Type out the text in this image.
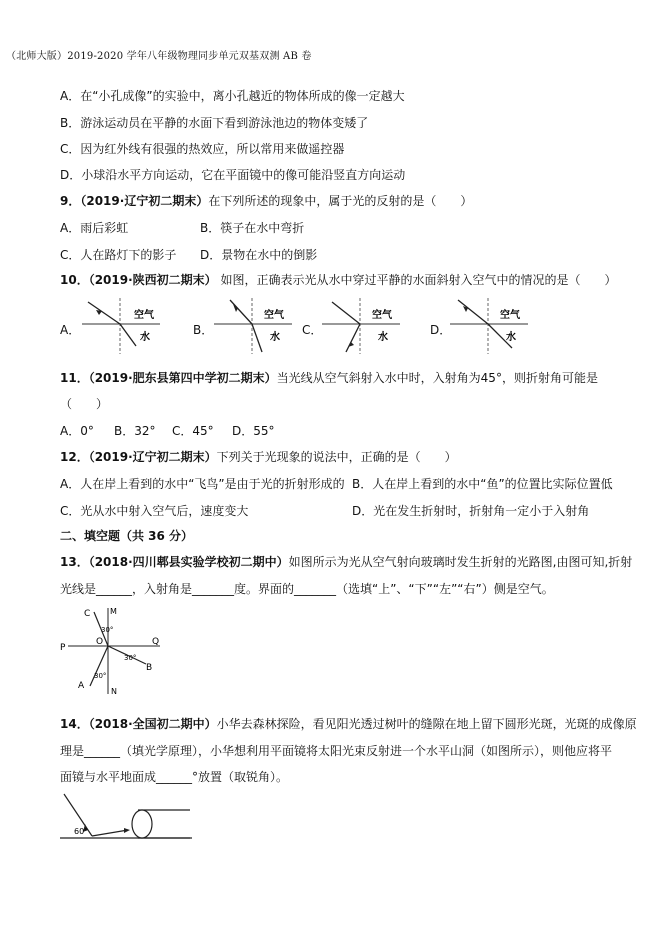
（北师大版）2019-2020 学年八年级物理同步单元双基双测 AB 卷
A．在“小孔成像”的实验中，离小孔越近的物体所成的像一定越大
B．游泳运动员在平静的水面下看到游泳池边的物体变矮了
C．因为红外线有很强的热效应，所以常用来做遥控器
D．小球沿水平方向运动，它在平面镜中的像可能沿竖直方向运动
9．（2019·辽宁初二期末）在下列所述的现象中，属于光的反射的是（　　）
A．雨后彩虹	B．筷子在水中弯折
C．人在路灯下的影子 D．景物在水中的倒影
10．（2019·陕西初二期末） 如图，正确表示光从水中穿过平静的水面斜射入空气中的情况的是（　　）
A．
空气
水
B．
空气
水
C．
空气
水
D．
空气
水
11．（2019·肥东县第四中学初二期末）当光线从空气斜射入水中时，入射角为45°，则折射角可能是
（　　）
A．0° B．32° C．45° D．55°
12．（2019·辽宁初二期末）下列关于光现象的说法中，正确的是（　　）
A．人在岸上看到的水中“飞鸟”是由于光的折射形成的 B．人在岸上看到的水中“鱼”的位置比实际位置低
C．光从水中射入空气后，速度变大	D．光在发生折射时，折射角一定小于入射角
二、填空题（共 36 分）
13．（2018·四川郫县实验学校初二期中）如图所示为光从空气射向玻璃时发生折射的光路图,由图可知,折射
光线是______，入射角是_______度。界面的_______（选填“上”、“下”“左”“右”）侧是空气。
C M
P
O	Q
B
A
N
30°
30°
30°
14．（2018·全国初二期中）小华去森林探险，看见阳光透过树叶的缝隙在地上留下圆形光斑，光斑的成像原
理是______（填光学原理），小华想利用平面镜将太阳光束反射进一个水平山洞（如图所示），则他应将平
面镜与水平地面成______°放置（取锐角）。
60°
